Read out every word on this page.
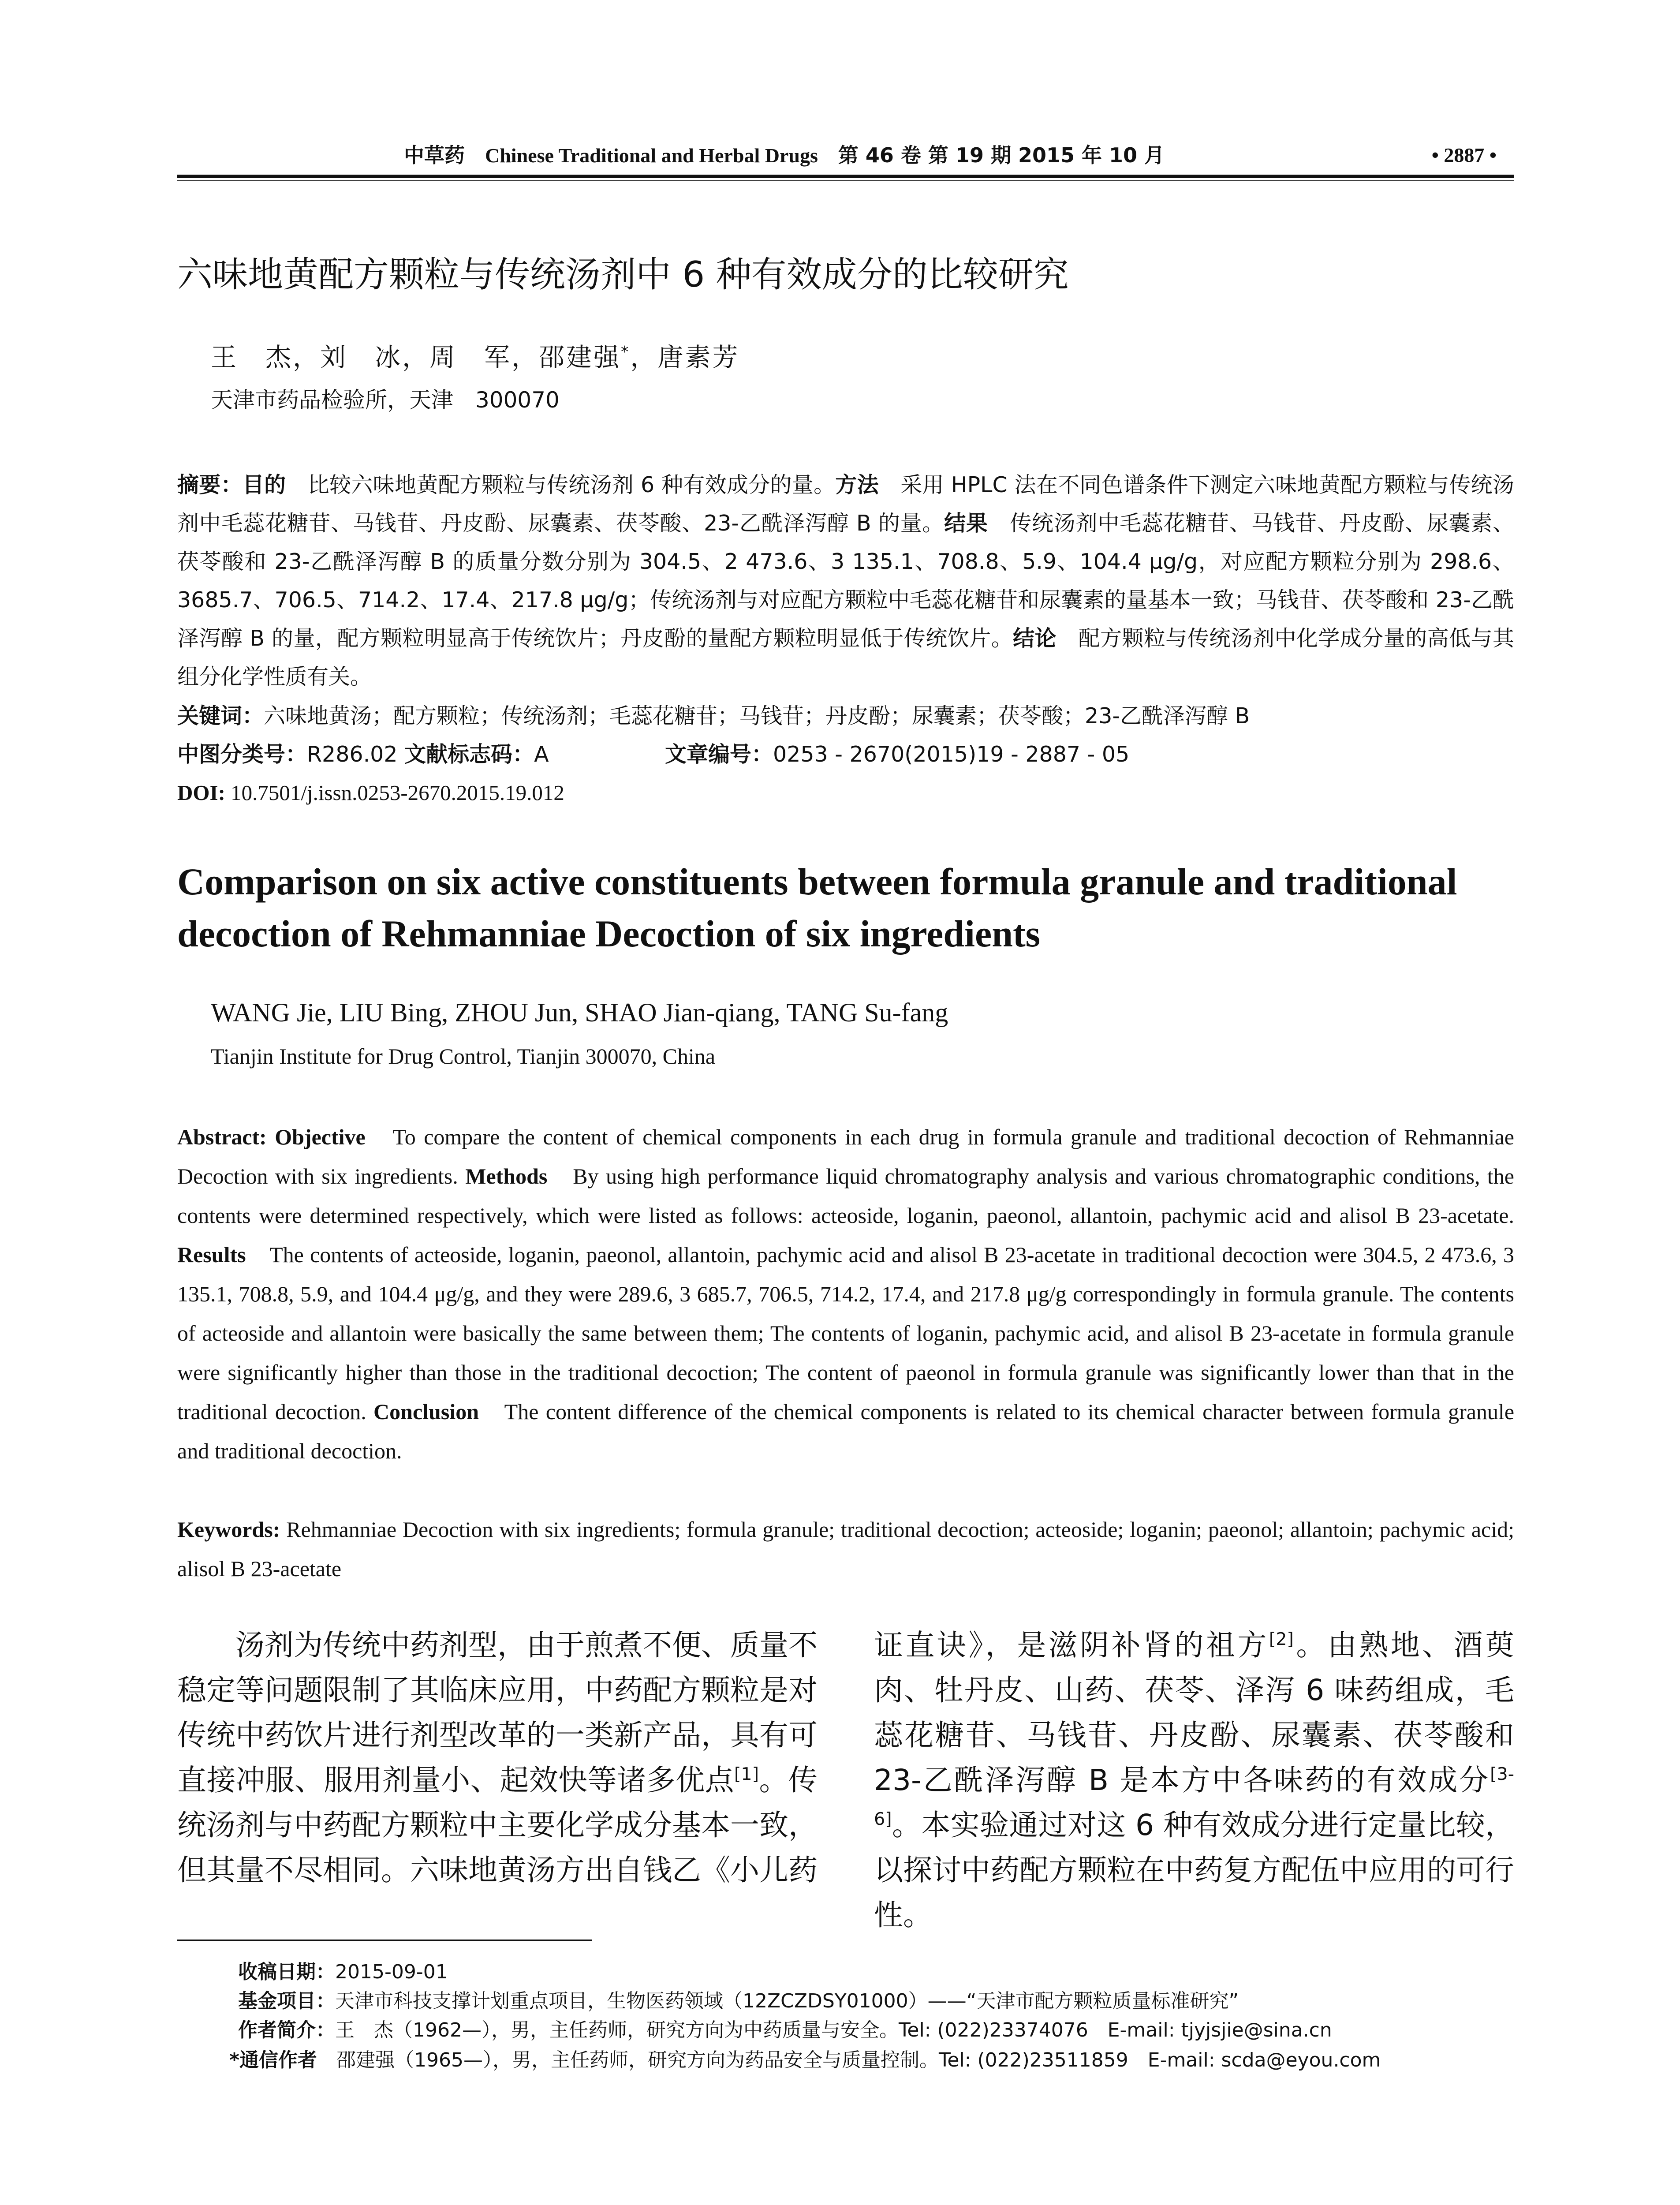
中草药　 Chinese Traditional and Herbal Drugs　 第 46 卷 第 19 期 2015 年 10 月	• 2887 •
六味地黄配方颗粒与传统汤剂中 6 种有效成分的比较研究
王　杰，刘　冰，周　军，邵建强*，唐素芳
天津市药品检验所，天津　300070
摘要：目的　比较六味地黄配方颗粒与传统汤剂 6 种有效成分的量。方法　采用 HPLC 法在不同色谱条件下测定六味地黄配方颗粒与传统汤剂中毛蕊花糖苷、马钱苷、丹皮酚、尿囊素、茯苓酸、23-乙酰泽泻醇 B 的量。结果　传统汤剂中毛蕊花糖苷、马钱苷、丹皮酚、尿囊素、茯苓酸和 23-乙酰泽泻醇 B 的质量分数分别为 304.5、2 473.6、3 135.1、708.8、5.9、104.4 μg/g，对应配方颗粒分别为 298.6、3685.7、706.5、714.2、17.4、217.8 μg/g；传统汤剂与对应配方颗粒中毛蕊花糖苷和尿囊素的量基本一致；马钱苷、茯苓酸和 23-乙酰泽泻醇 B 的量，配方颗粒明显高于传统饮片；丹皮酚的量配方颗粒明显低于传统饮片。结论　配方颗粒与传统汤剂中化学成分量的高低与其组分化学性质有关。
关键词：六味地黄汤；配方颗粒；传统汤剂；毛蕊花糖苷；马钱苷；丹皮酚；尿囊素；茯苓酸；23-乙酰泽泻醇 B
中图分类号：R286.02 文献标志码：A	文章编号：0253 - 2670(2015)19 - 2887 - 05
DOI: 10.7501/j.issn.0253-2670.2015.19.012
Comparison on six active constituents between formula granule and traditional decoction of Rehmanniae Decoction of six ingredients
WANG Jie, LIU Bing, ZHOU Jun, SHAO Jian-qiang, TANG Su-fang
Tianjin Institute for Drug Control, Tianjin 300070, China
Abstract: Objective　To compare the content of chemical components in each drug in formula granule and traditional decoction of Rehmanniae Decoction with six ingredients. Methods　By using high performance liquid chromatography analysis and various chromatographic conditions, the contents were determined respectively, which were listed as follows: acteoside, loganin, paeonol, allantoin, pachymic acid and alisol B 23-acetate. Results　The contents of acteoside, loganin, paeonol, allantoin, pachymic acid and alisol B 23-acetate in traditional decoction were 304.5, 2 473.6, 3 135.1, 708.8, 5.9, and 104.4 μg/g, and they were 289.6, 3 685.7, 706.5, 714.2, 17.4, and 217.8 μg/g correspondingly in formula granule. The contents of acteoside and allantoin were basically the same between them; The contents of loganin, pachymic acid, and alisol B 23-acetate in formula granule were significantly higher than those in the traditional decoction; The content of paeonol in formula granule was significantly lower than that in the traditional decoction. Conclusion　The content difference of the chemical components is related to its chemical character between formula granule and traditional decoction.
Keywords: Rehmanniae Decoction with six ingredients; formula granule; traditional decoction; acteoside; loganin; paeonol; allantoin; pachymic acid; alisol B 23-acetate
汤剂为传统中药剂型，由于煎煮不便、质量不稳定等问题限制了其临床应用，中药配方颗粒是对传统中药饮片进行剂型改革的一类新产品，具有可直接冲服、服用剂量小、起效快等诸多优点[1]。传统汤剂与中药配方颗粒中主要化学成分基本一致，但其量不尽相同。六味地黄汤方出自钱乙《小儿药
证直诀》，是滋阴补肾的祖方[2]。由熟地、酒萸肉、牡丹皮、山药、茯苓、泽泻 6 味药组成，毛蕊花糖苷、马钱苷、丹皮酚、尿囊素、茯苓酸和 23-乙酰泽泻醇 B 是本方中各味药的有效成分[3-6]。本实验通过对这 6 种有效成分进行定量比较，以探讨中药配方颗粒在中药复方配伍中应用的可行性。
收稿日期：2015-09-01
基金项目：天津市科技支撑计划重点项目，生物医药领域（12ZCZDSY01000）——“天津市配方颗粒质量标准研究”
作者简介：王　杰（1962—），男，主任药师，研究方向为中药质量与安全。Tel: (022)23374076　E-mail: tjyjsjie@sina.cn
*通信作者　邵建强（1965—），男，主任药师，研究方向为药品安全与质量控制。Tel: (022)23511859　E-mail: scda@eyou.com
